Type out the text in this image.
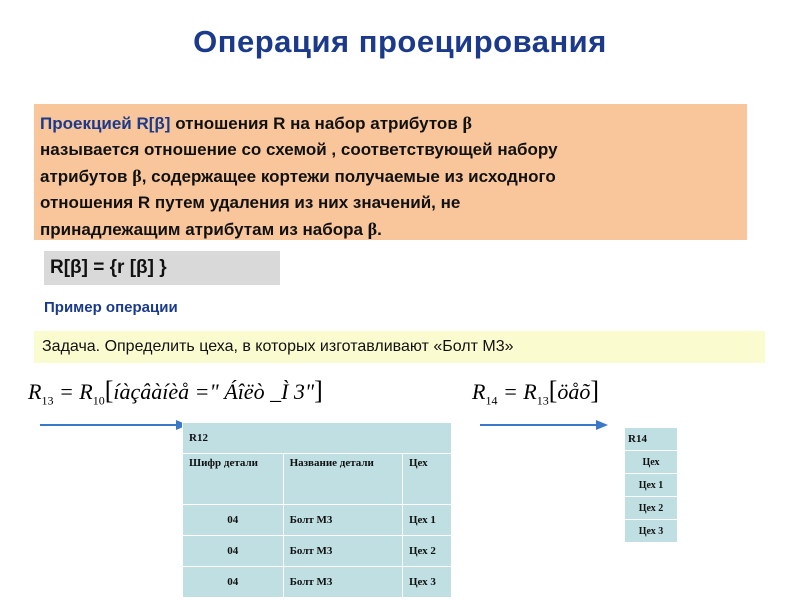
Операция проецирования
Проекцией R[β] отношения R на набор атрибутов β
называется отношение со схемой , соответствующей набору
атрибутов β, содержащее кортежи получаемые из исходного
отношения R путем удаления из них значений, не
принадлежащим атрибутам из набора β.
R[β] = {r [β] }
Пример операции
Задача. Определить цеха, в которых изготавливают «Болт М3»
$R_{13}$ = $R_{10}[íàçâàíèå$ =" Áîëò _Ì 3"]	$R_{14}$ = $R_{13}[öåõ]$
R12		
Шифр детали	Название детали	Цех
04	Болт М3	Цех 1
04	Болт М3	Цех 2
04	Болт М3	Цех 3
R14
Цех
Цех 1
Цех 2
Цех 3
